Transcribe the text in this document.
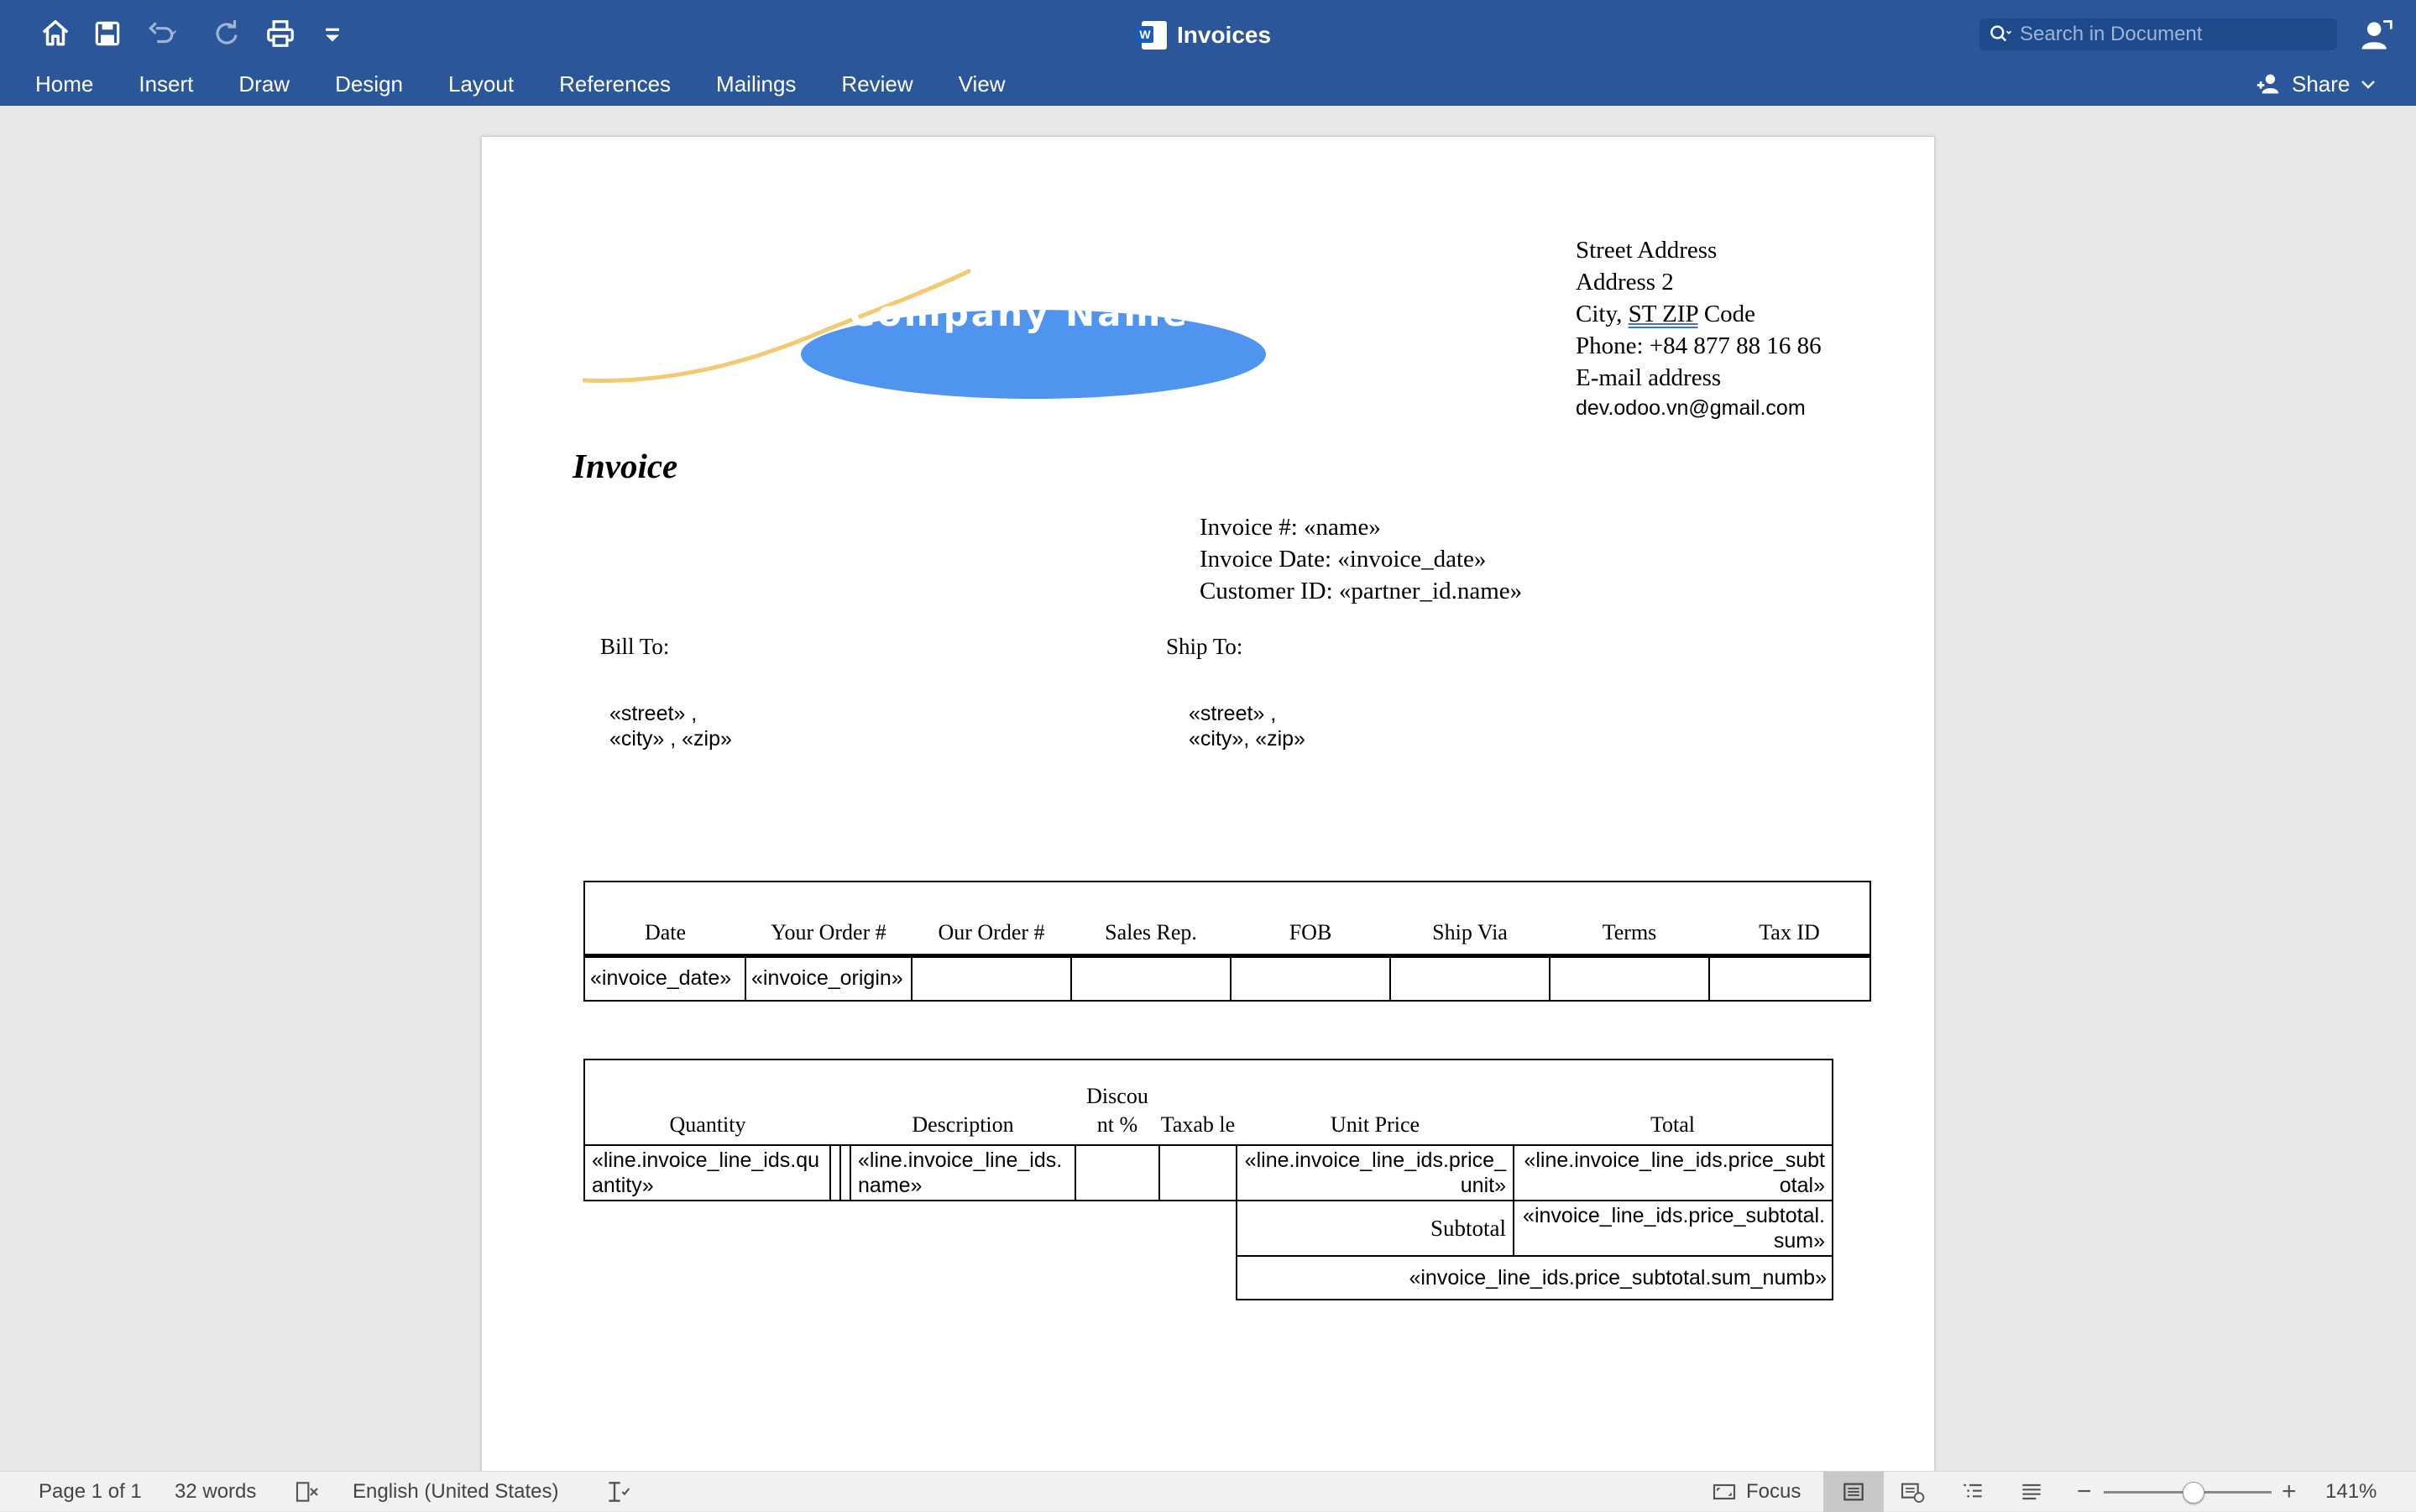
W
Invoices
Search in Document
Home	Insert	Draw	Design	Layout	References	Mailings	Review	View	Share
Company Name
Street Address
Address 2
City, ST ZIP Code
Phone: +84 877 88 16 86
E-mail address
dev.odoo.vn@gmail.com
Invoice
Invoice #: «name»
Invoice Date: «invoice_date»
Customer ID: «partner_id.name»
Bill To:	Ship To:
«street» ,
«city» , «zip»
«street» ,
«city», «zip»
Date	Your Order #	Our Order #	Sales Rep.	FOB	Ship Via	Terms	Tax ID
«invoice_date»	«invoice_origin»						
Quantity			Description	Discou nt %	Taxab le	Unit Price	Total
«line.invoice_line_ids.quantity»			«line.invoice_line_ids.name»			«line.invoice_line_ids.price_unit»	«line.invoice_line_ids.price_subtotal»
						Subtotal	«invoice_line_ids.price_subtotal.sum»
						«invoice_line_ids.price_subtotal.sum_numb»	
Page 1 of 1 32 words	English (United States)	Focus	−	+ 141%
